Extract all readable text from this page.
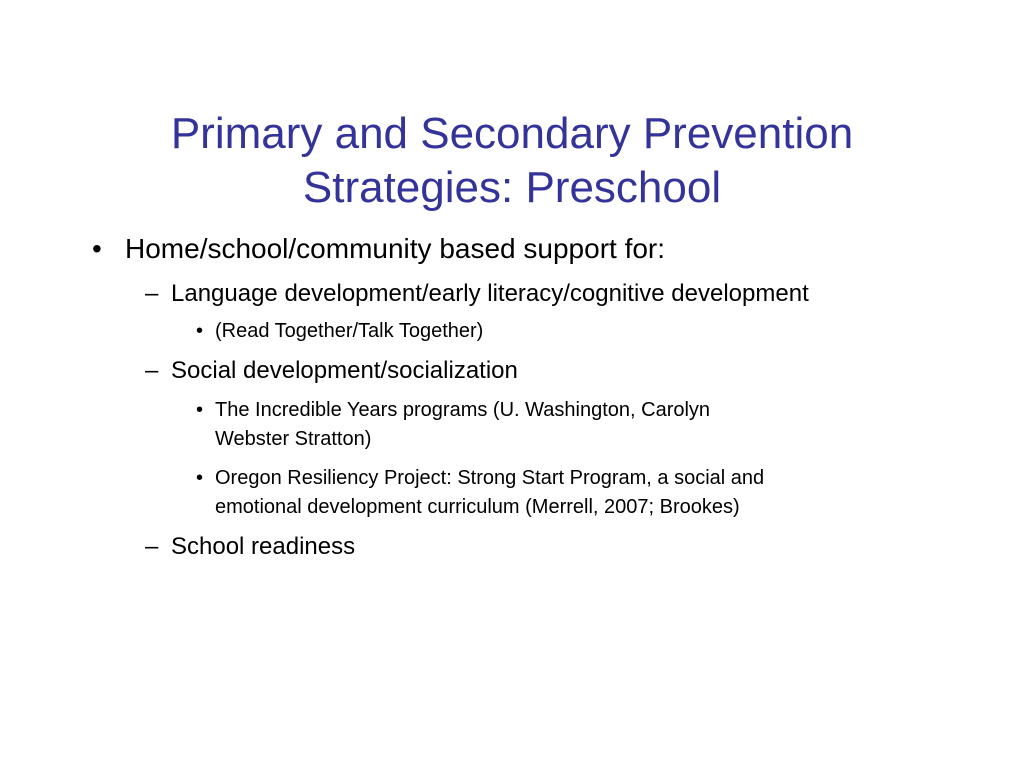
Primary and Secondary Prevention
Strategies: Preschool
• Home/school/community based support for:
– Language development/early literacy/cognitive development
• (Read Together/Talk Together)
– Social development/socialization
• The Incredible Years programs (U. Washington, Carolyn
Webster Stratton)
• Oregon Resiliency Project: Strong Start Program, a social and
emotional development curriculum (Merrell, 2007; Brookes)
– School readiness
